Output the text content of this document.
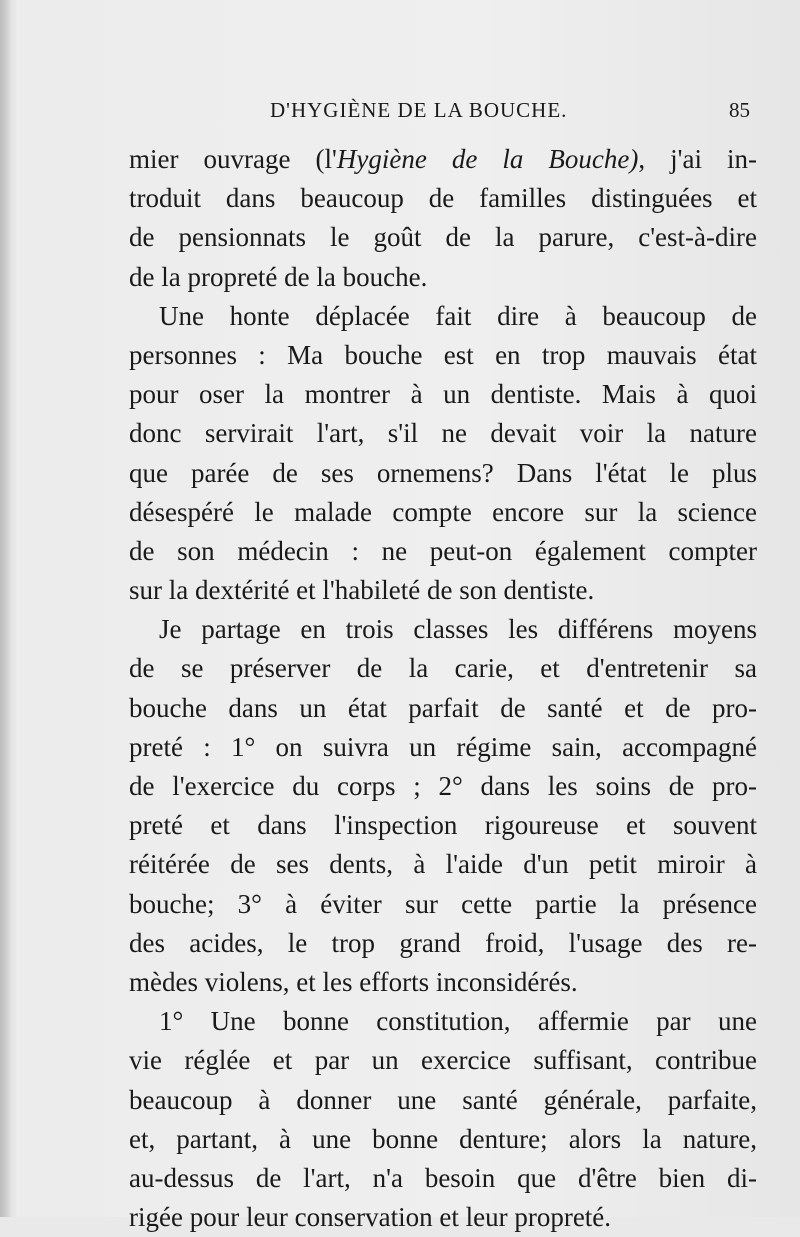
D'HYGIÈNE DE LA BOUCHE.	85
mier ouvrage (l'Hygiène de la Bouche), j'ai in-
troduit dans beaucoup de familles distinguées et
de pensionnats le goût de la parure, c'est-à-dire
de la propreté de la bouche.
Une honte déplacée fait dire à beaucoup de
personnes : Ma bouche est en trop mauvais état
pour oser la montrer à un dentiste. Mais à quoi
donc servirait l'art, s'il ne devait voir la nature
que parée de ses ornemens? Dans l'état le plus
désespéré le malade compte encore sur la science
de son médecin : ne peut-on également compter
sur la dextérité et l'habileté de son dentiste.
Je partage en trois classes les différens moyens
de se préserver de la carie, et d'entretenir sa
bouche dans un état parfait de santé et de pro-
preté : 1° on suivra un régime sain, accompagné
de l'exercice du corps ; 2° dans les soins de pro-
preté et dans l'inspection rigoureuse et souvent
réitérée de ses dents, à l'aide d'un petit miroir à
bouche; 3° à éviter sur cette partie la présence
des acides, le trop grand froid, l'usage des re-
mèdes violens, et les efforts inconsidérés.
1° Une bonne constitution, affermie par une
vie réglée et par un exercice suffisant, contribue
beaucoup à donner une santé générale, parfaite,
et, partant, à une bonne denture; alors la nature,
au-dessus de l'art, n'a besoin que d'être bien di-
rigée pour leur conservation et leur propreté.
